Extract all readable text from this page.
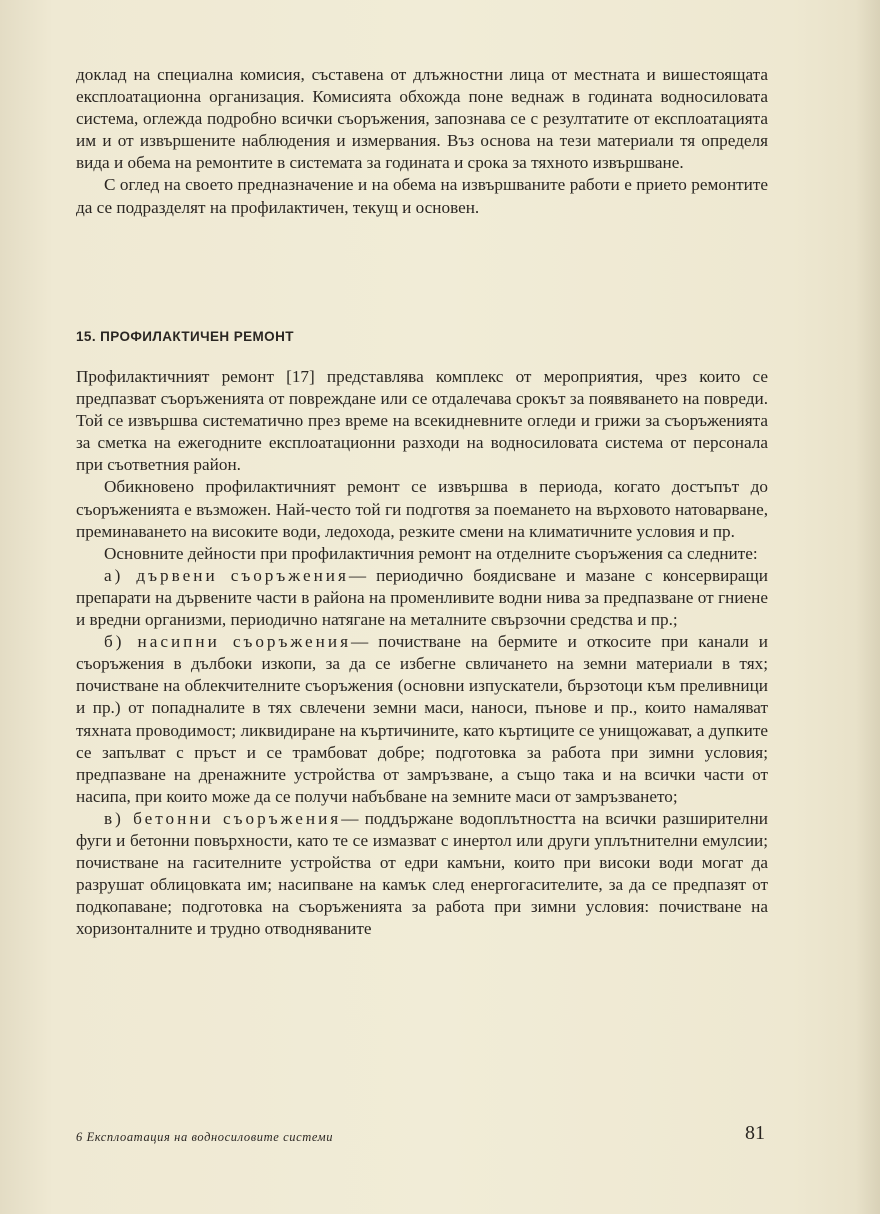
доклад на специална комисия, съставена от длъжностни лица от местната и вишестоящата експлоатационна организация. Комисията обхожда поне веднаж в годината водносиловата система, оглежда подробно всички съоръжения, запознава се с резултатите от експлоатацията им и от извършените наблюдения и измервания. Въз основа на тези материали тя определя вида и обема на ремонтите в системата за годината и срока за тяхното извършване.

С оглед на своето предназначение и на обема на извършваните работи е прието ремонтите да се подразделят на профилактичен, текущ и основен.

15. ПРОФИЛАКТИЧЕН РЕМОНТ

Профилактичният ремонт [17] представлява комплекс от мероприятия, чрез които се предпазват съоръженията от повреждане или се отдалечава срокът за появяването на повреди. Той се извършва систематично през време на всекидневните огледи и грижи за съоръженията за сметка на ежегодните експлоатационни разходи на водносиловата система от персонала при съответния район.

Обикновено профилактичният ремонт се извършва в периода, когато достъпът до съоръженията е възможен. Най-често той ги подготвя за поемането на върховото натоварване, преминаването на високите води, ледохода, резките смени на климатичните условия и пр.

Основните дейности при профилактичния ремонт на отделните съоръжения са следните:

а) дървени съоръжения— периодично боядисване и мазане с консервиращи препарати на дървените части в района на променливите водни нива за предпазване от гниене и вредни организми, периодично натягане на металните свързочни средства и пр.;

б) насипни съоръжения— почистване на бермите и откосите при канали и съоръжения в дълбоки изкопи, за да се избегне свличането на земни материали в тях; почистване на облекчителните съоръжения (основни изпускатели, бързотоци към преливници и пр.) от попадналите в тях свлечени земни маси, наноси, пънове и пр., които намаляват тяхната проводимост; ликвидиране на къртичините, като къртиците се унищожават, а дупките се запълват с пръст и се трамбоват добре; подготовка за работа при зимни условия; предпазване на дренажните устройства от замръзване, а също така и на всички части от насипа, при които може да се получи набъбване на земните маси от замръзването;

в) бетонни съоръжения— поддържане водоплътността на всички разширителни фуги и бетонни повърхности, като те се измазват с инертол или други уплътнителни емулсии; почистване на гасителните устройства от едри камъни, които при високи води могат да разрушат облицовката им; насипване на камък след енергогасителите, за да се предпазят от подкопаване; подготовка на съоръженията за работа при зимни условия: почистване на хоризонталните и трудно отводняваните

6 Експлоатация на водносиловите системи	81
